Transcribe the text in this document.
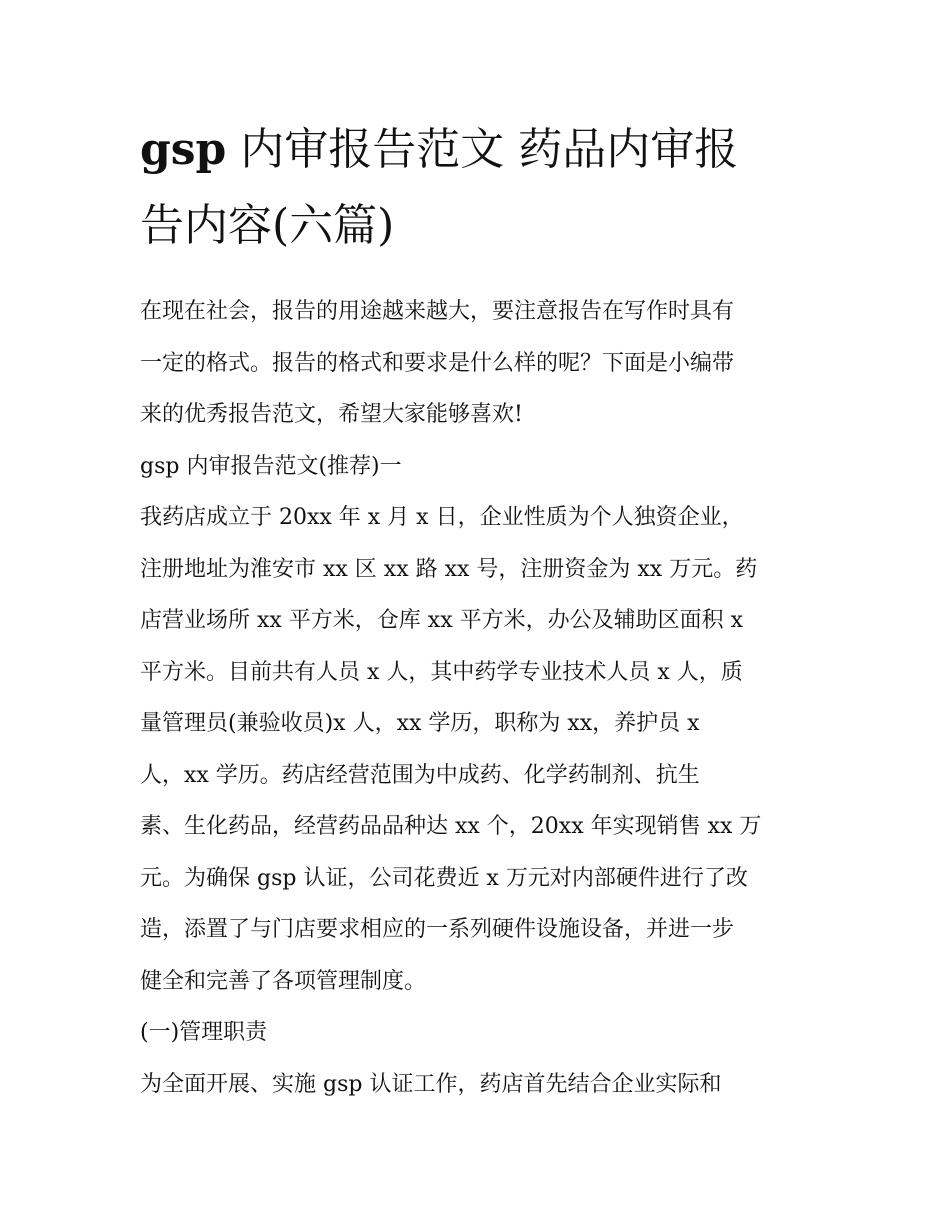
gsp 内审报告范文 药品内审报
告内容(六篇)
在现在社会，报告的用途越来越大，要注意报告在写作时具有
一定的格式。报告的格式和要求是什么样的呢？下面是小编带
来的优秀报告范文，希望大家能够喜欢!
gsp 内审报告范文(推荐)一
我药店成立于 20xx 年 x 月 x 日，企业性质为个人独资企业，
注册地址为淮安市 xx 区 xx 路 xx 号，注册资金为 xx 万元。药
店营业场所 xx 平方米，仓库 xx 平方米，办公及辅助区面积 x
平方米。目前共有人员 x 人，其中药学专业技术人员 x 人，质
量管理员(兼验收员)x 人，xx 学历，职称为 xx，养护员 x
人，xx 学历。药店经营范围为中成药、化学药制剂、抗生
素、生化药品，经营药品品种达 xx 个，20xx 年实现销售 xx 万
元。为确保 gsp 认证，公司花费近 x 万元对内部硬件进行了改
造，添置了与门店要求相应的一系列硬件设施设备，并进一步
健全和完善了各项管理制度。
(一)管理职责
为全面开展、实施 gsp 认证工作，药店首先结合企业实际和
